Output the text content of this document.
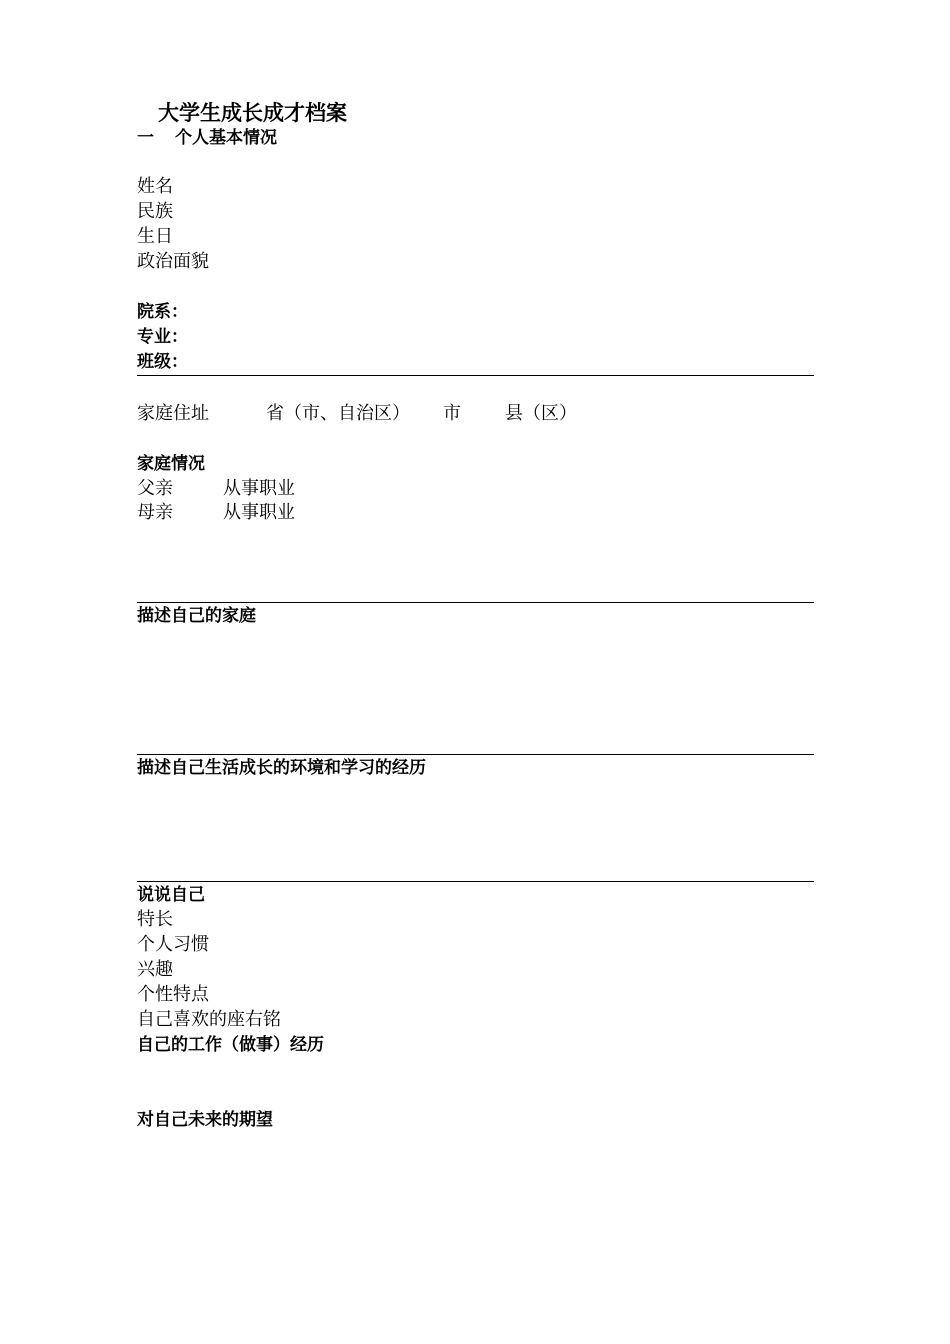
大学生成长成才档案
一 个人基本情况
姓名
民族
生日
政治面貌
院系：
专业：
班级：
家庭住址	省（市、自治区） 市 县（区）
家庭情况
父亲	从事职业
母亲	从事职业
描述自己的家庭
描述自己生活成长的环境和学习的经历
说说自己
特长
个人习惯
兴趣
个性特点
自己喜欢的座右铭
自己的工作（做事）经历
对自己未来的期望
